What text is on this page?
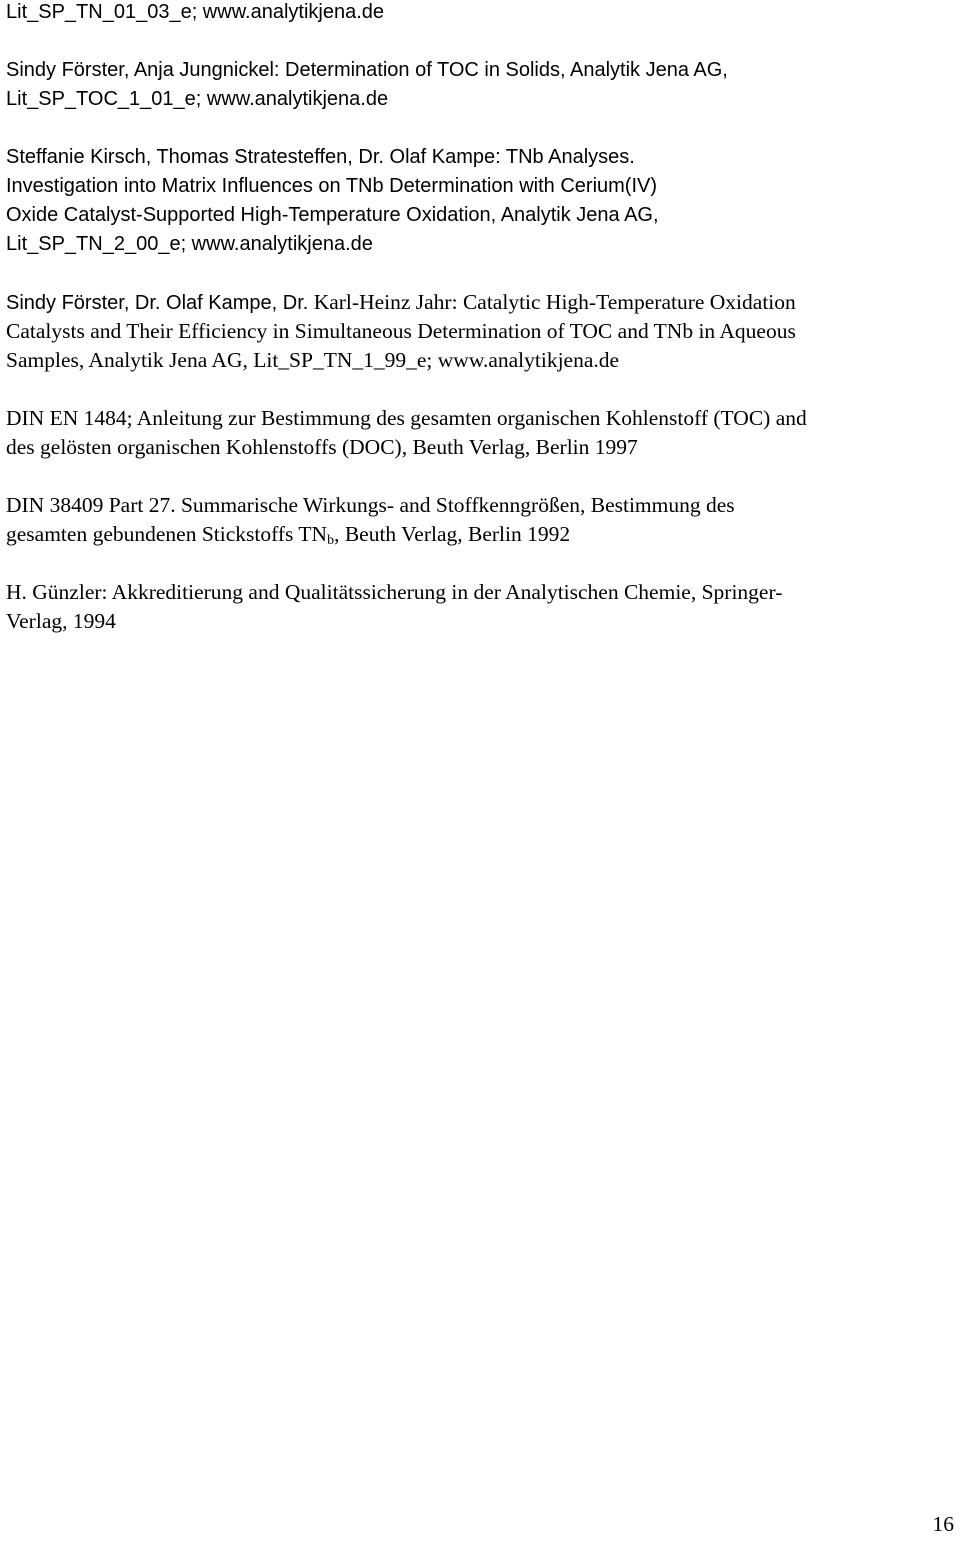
Lit_SP_TN_01_03_e; www.analytikjena.de
Sindy Förster, Anja Jungnickel: Determination of TOC in Solids, Analytik Jena AG,
Lit_SP_TOC_1_01_e; www.analytikjena.de
Steffanie Kirsch, Thomas Stratesteffen, Dr. Olaf Kampe: TNb Analyses.
Investigation into Matrix Influences on TNb Determination with Cerium(IV)
Oxide Catalyst-Supported High-Temperature Oxidation, Analytik Jena AG,
Lit_SP_TN_2_00_e; www.analytikjena.de
Sindy Förster, Dr. Olaf Kampe, Dr. Karl-Heinz Jahr: Catalytic High-Temperature Oxidation
Catalysts and Their Efficiency in Simultaneous Determination of TOC and TNb in Aqueous
Samples, Analytik Jena AG, Lit_SP_TN_1_99_e; www.analytikjena.de
DIN EN 1484; Anleitung zur Bestimmung des gesamten organischen Kohlenstoff (TOC) and
des gelösten organischen Kohlenstoffs (DOC), Beuth Verlag, Berlin 1997
DIN 38409 Part 27. Summarische Wirkungs- and Stoffkenngrößen, Bestimmung des
gesamten gebundenen Stickstoffs $TN_b$, Beuth Verlag, Berlin 1992
H. Günzler: Akkreditierung and Qualitätssicherung in der Analytischen Chemie, Springer-
Verlag, 1994
16
